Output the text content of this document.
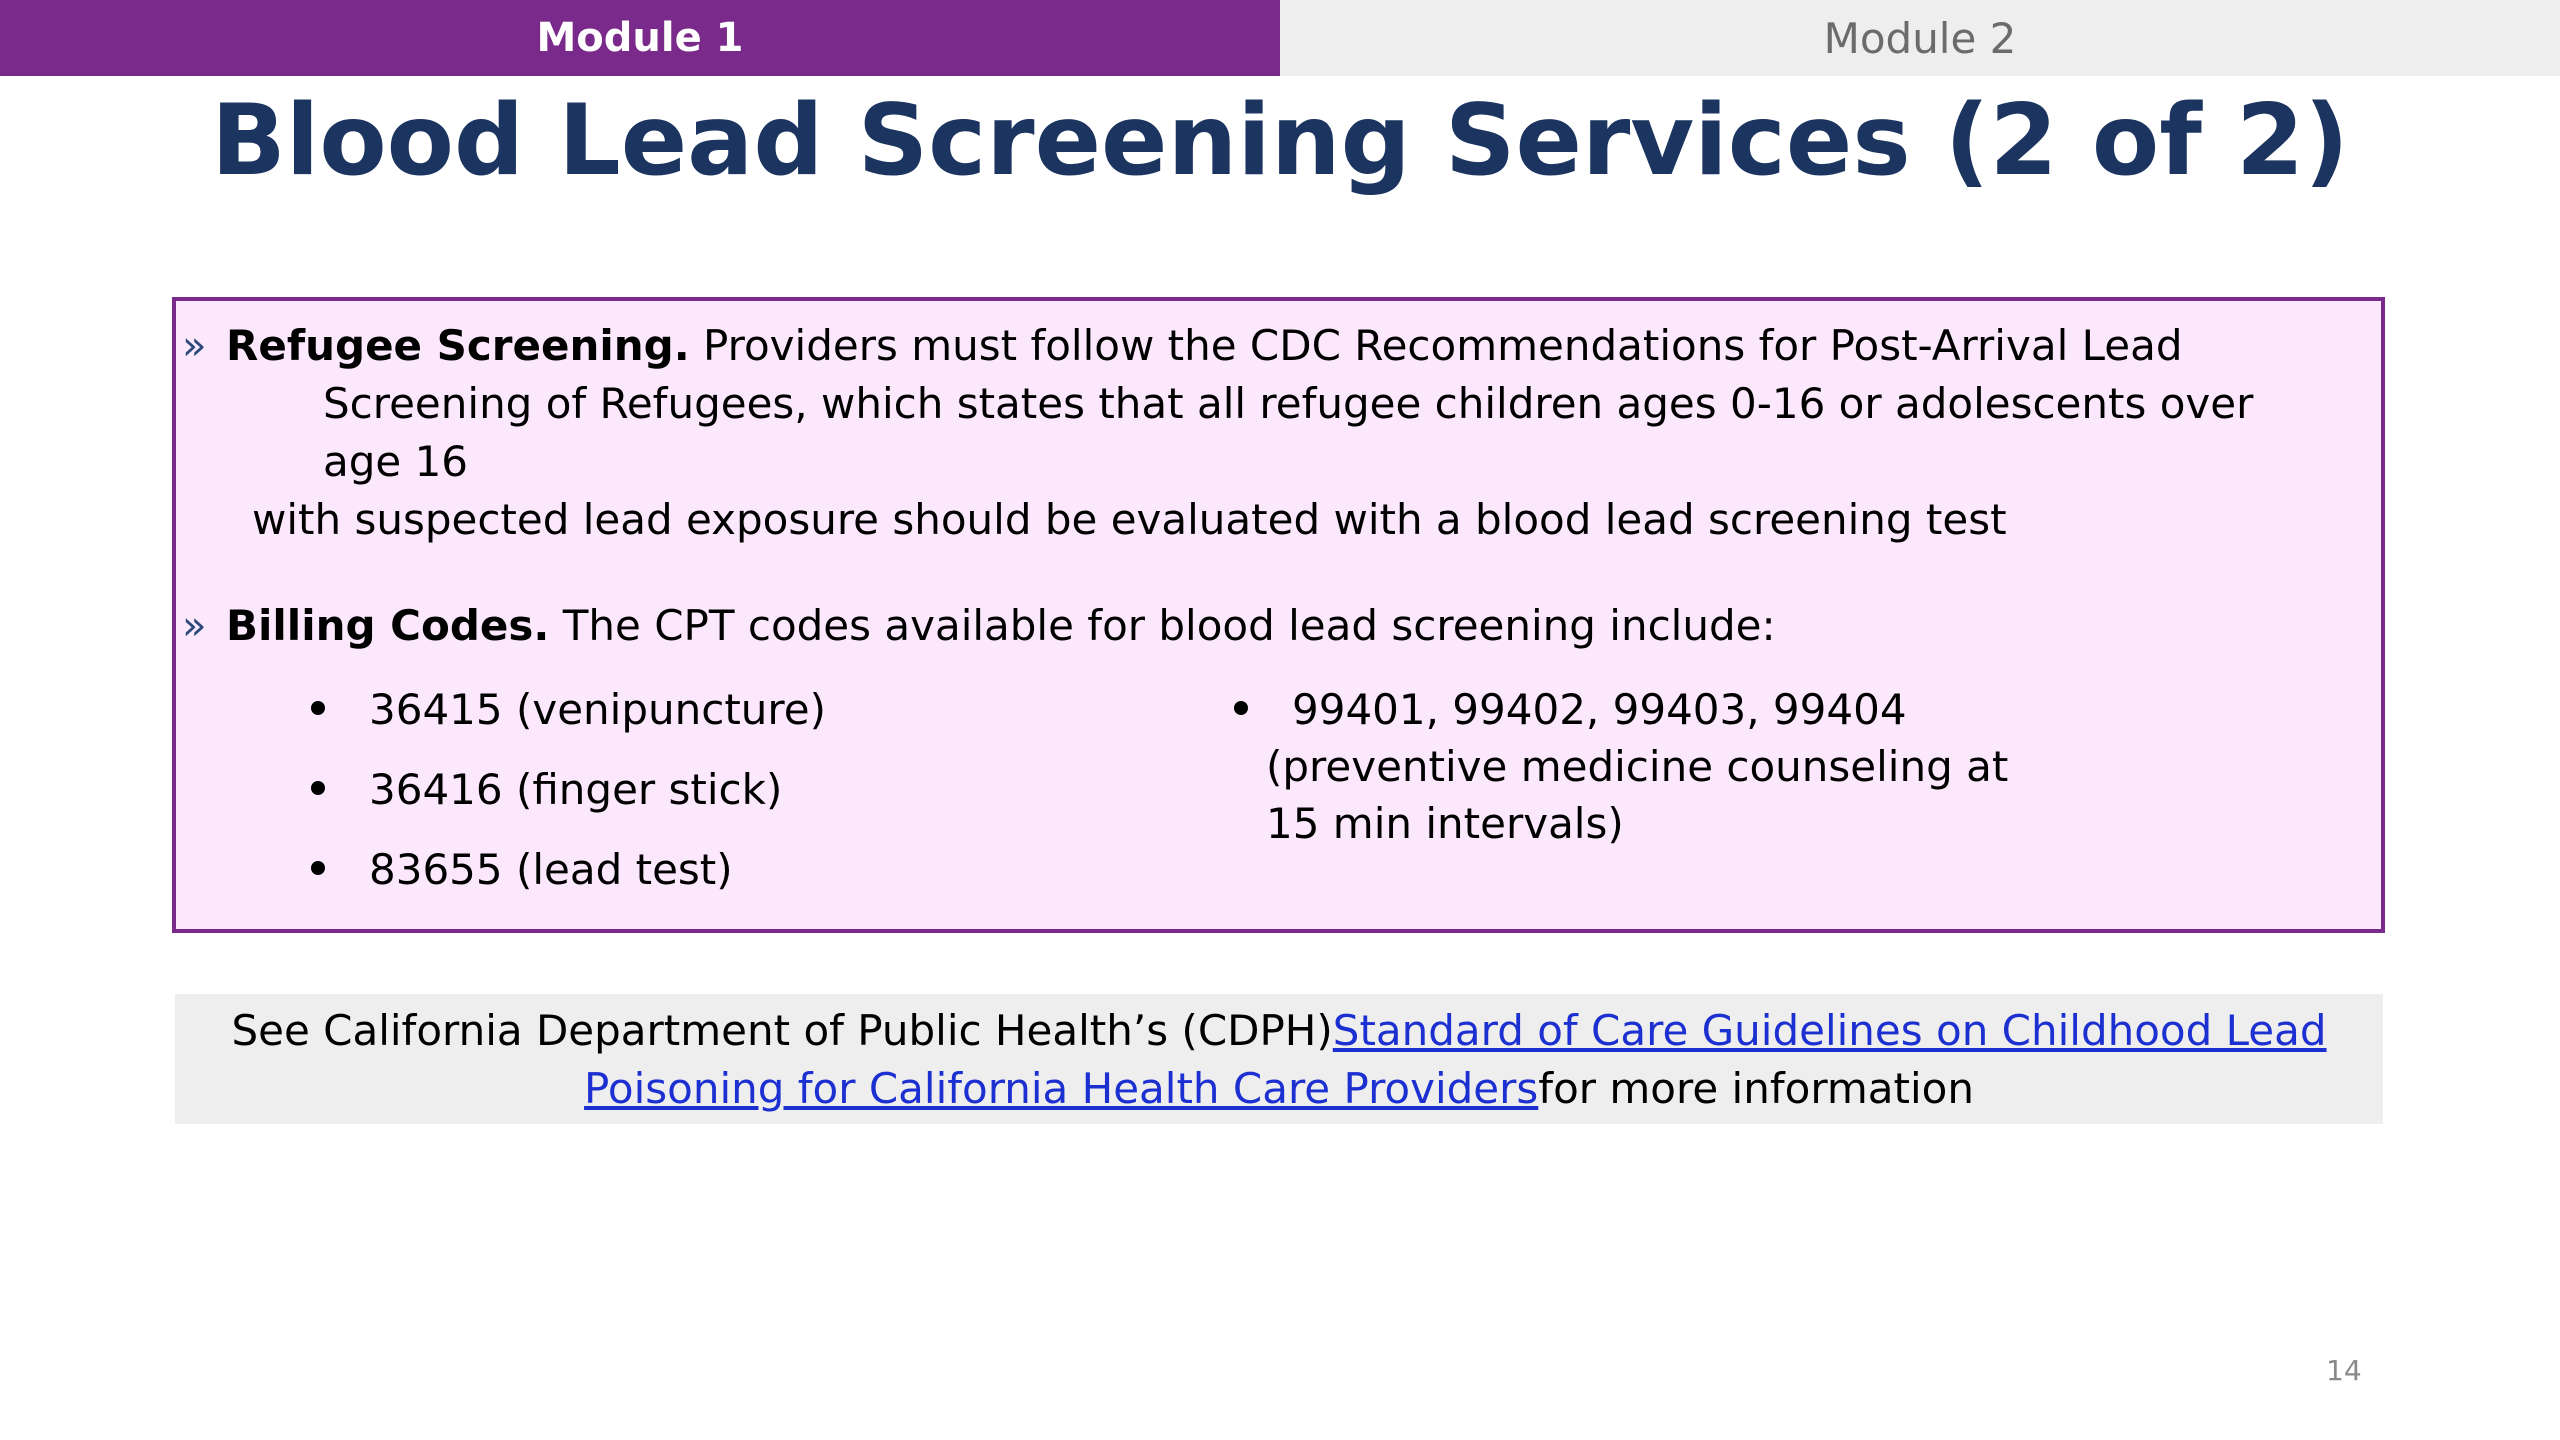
Module 1	Module 2
Blood Lead Screening Services (2 of 2)
» Refugee Screening. Providers must follow the CDC Recommendations for Post-Arrival Lead
Screening of Refugees, which states that all refugee children ages 0-16 or adolescents over age 16
with suspected lead exposure should be evaluated with a blood lead screening test
» Billing Codes. The CPT codes available for blood lead screening include:
36415 (venipuncture)
36416 (finger stick)
83655 (lead test)
99401, 99402, 99403, 99404
(preventive medicine counseling at
15 min intervals)
See California Department of Public Health’s (CDPH)Standard of Care Guidelines on Childhood Lead
Poisoning for California Health Care Providersfor more information
14
